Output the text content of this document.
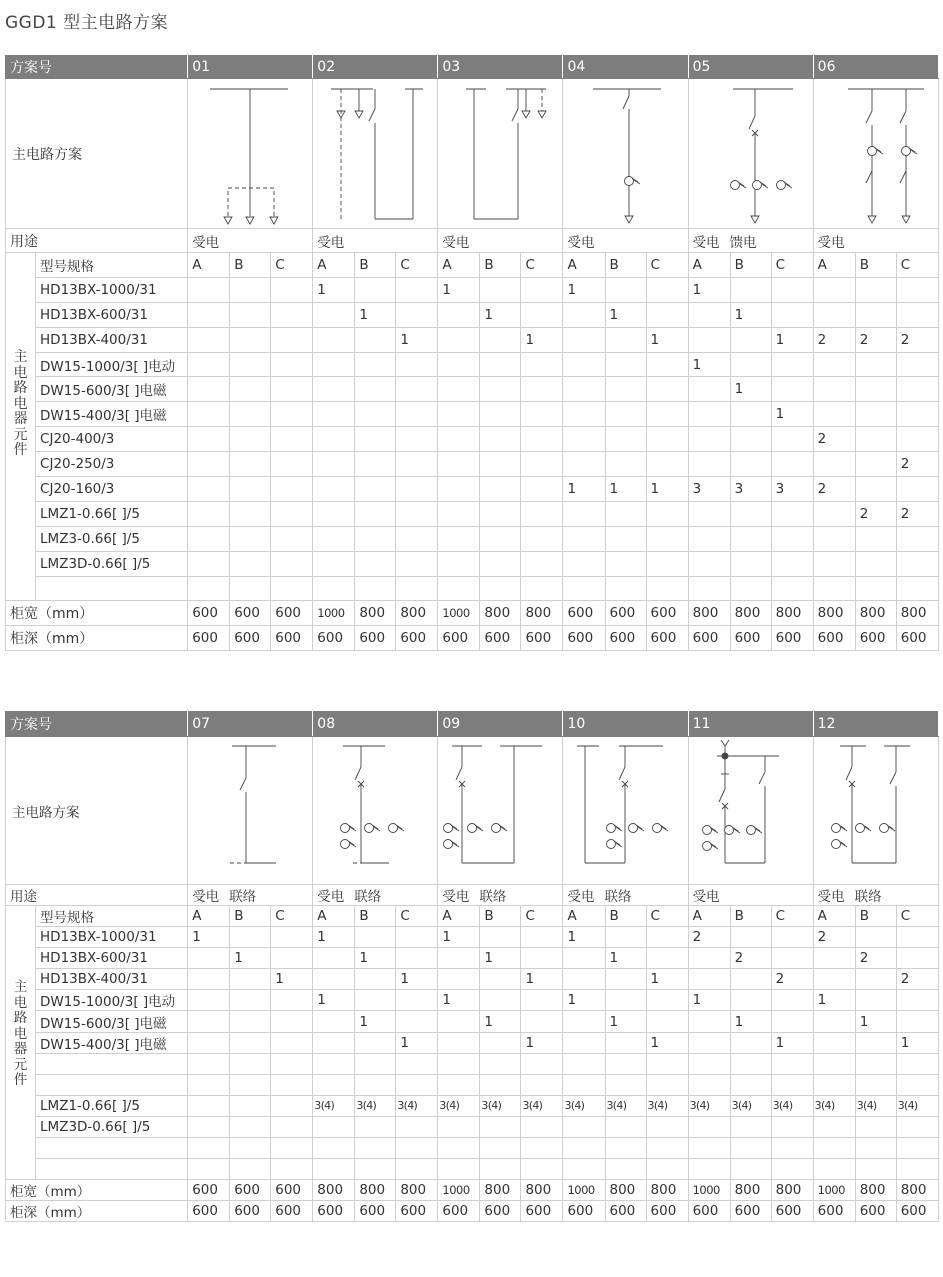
GGD1 型主电路方案
方案号		01			02			03			04			05			06		
主电路方案	

用途		受电			受电			受电			受电			受电 馈电			受电		

主电路电器元件	型号规格	A	B	C	A	B	C	A	B	C	A	B	C	A	B	C	A	B	C
	HD13BX-1000/31				1			1			1			1					
	HD13BX-600/31					1			1			1			1				
	HD13BX-400/31						1			1			1			1	2	2	2
	DW15-1000/3[ ]电动													1					
	DW15-600/3[ ]电磁														1				
	DW15-400/3[ ]电磁															1			
	CJ20-400/3																2		
	CJ20-250/3																		2
	CJ20-160/3										1	1	1	3	3	3	2		
	LMZ1-0.66[ ]/5																	2	2
	LMZ3-0.66[ ]/5																		
	LMZ3D-0.66[ ]/5																		

柜宽（mm）		600	600	600	1000	800	800	1000	800	800	600	600	600	800	800	800	800	800	800
柜深（mm）		600	600	600	600	600	600	600	600	600	600	600	600	600	600	600	600	600	600
方案号		07			08			09			10			11			12		
主电路方案	

用途		受电 联络			受电 联络			受电 联络			受电 联络			受电			受电 联络		

主电路电器元件	型号规格	A	B	C	A	B	C	A	B	C	A	B	C	A	B	C	A	B	C
	HD13BX-1000/31	1			1			1			1			2			2		
	HD13BX-600/31		1			1			1			1			2			2	
	HD13BX-400/31			1			1			1			1			2			2
	DW15-1000/3[ ]电动				1			1			1			1			1		
	DW15-600/3[ ]电磁					1			1			1			1			1	
	DW15-400/3[ ]电磁						1			1			1			1			1

	LMZ1-0.66[ ]/5				3(4)	3(4)	3(4)	3(4)	3(4)	3(4)	3(4)	3(4)	3(4)	3(4)	3(4)	3(4)	3(4)	3(4)	3(4)
	LMZ3D-0.66[ ]/5																		

柜宽（mm）		600	600	600	800	800	800	1000	800	800	1000	800	800	1000	800	800	1000	800	800
柜深（mm）		600	600	600	600	600	600	600	600	600	600	600	600	600	600	600	600	600	600
